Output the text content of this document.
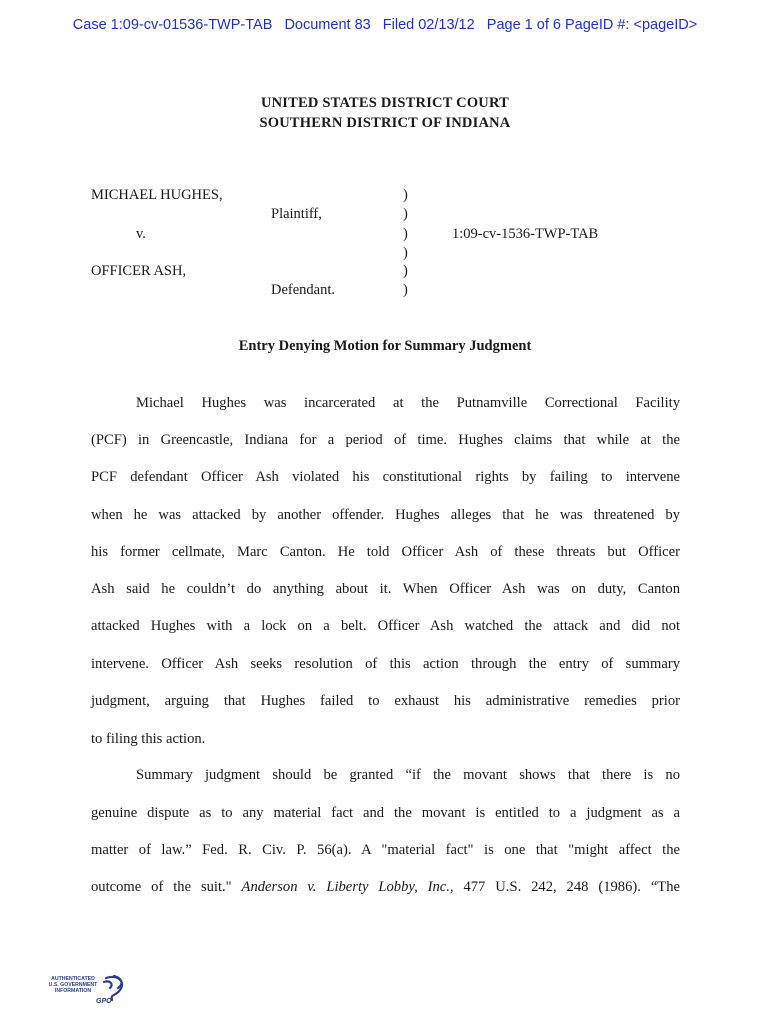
Case 1:09-cv-01536-TWP-TAB   Document 83   Filed 02/13/12   Page 1 of 6 PageID #: <pageID>
UNITED STATES DISTRICT COURT
SOUTHERN DISTRICT OF INDIANA
MICHAEL HUGHES,
Plaintiff,
v.
OFFICER ASH,
Defendant.
1:09-cv-1536-TWP-TAB
)
)
)
)
)
)
Entry Denying Motion for Summary Judgment
Michael Hughes was incarcerated at the Putnamville Correctional Facility
(PCF) in Greencastle, Indiana for a period of time. Hughes claims that while at the
PCF defendant Officer Ash violated his constitutional rights by failing to intervene
when he was attacked by another offender. Hughes alleges that he was threatened by
his former cellmate, Marc Canton. He told Officer Ash of these threats but Officer
Ash said he couldn’t do anything about it. When Officer Ash was on duty, Canton
attacked Hughes with a lock on a belt. Officer Ash watched the attack and did not
intervene. Officer Ash seeks resolution of this action through the entry of summary
judgment, arguing that Hughes failed to exhaust his administrative remedies prior
to filing this action.
Summary judgment should be granted “if the movant shows that there is no
genuine dispute as to any material fact and the movant is entitled to a judgment as a
matter of law.” Fed. R. Civ. P. 56(a). A "material fact" is one that "might affect the
outcome of the suit." Anderson v. Liberty Lobby, Inc., 477 U.S. 242, 248 (1986). “The
AUTHENTICATED
U.S. GOVERNMENT
INFORMATION
GPO
